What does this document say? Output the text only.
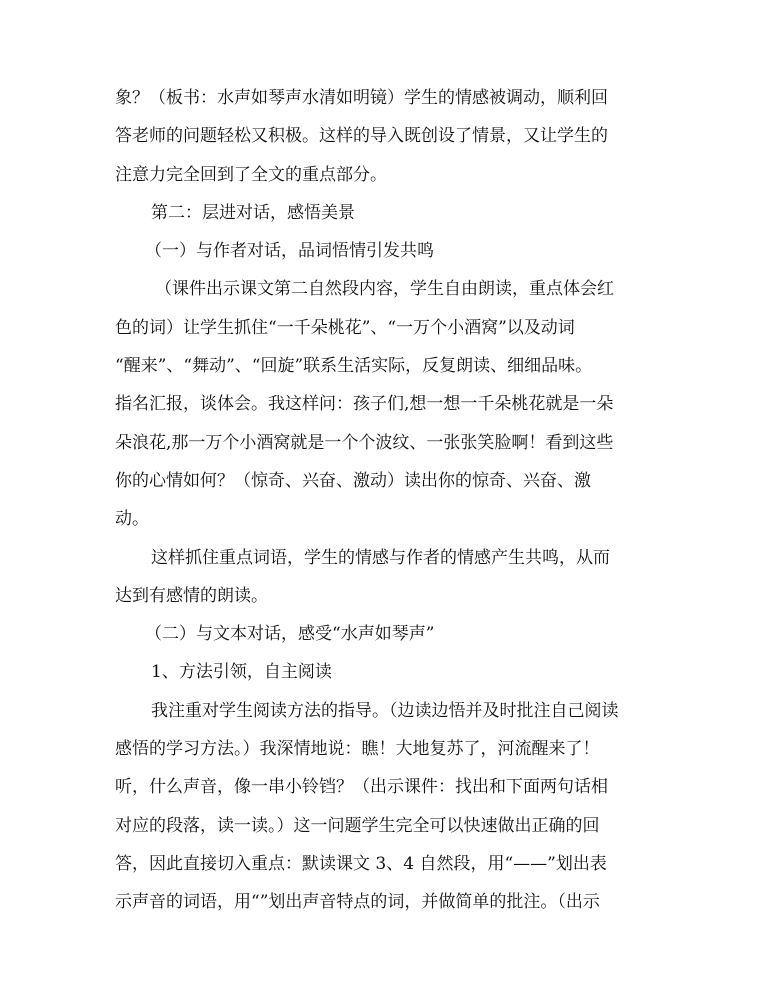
象？（板书：水声如琴声水清如明镜）学生的情感被调动，顺利回
答老师的问题轻松又积极。这样的导入既创设了情景，又让学生的
注意力完全回到了全文的重点部分。
第二：层进对话，感悟美景
（一）与作者对话，品词悟情引发共鸣
（课件出示课文第二自然段内容，学生自由朗读，重点体会红
色的词）让学生抓住“一千朵桃花”、“一万个小酒窝”以及动词
“醒来”、“舞动”、“回旋”联系生活实际，反复朗读、细细品味。
指名汇报，谈体会。我这样问：孩子们,想一想一千朵桃花就是一朵
朵浪花,那一万个小酒窝就是一个个波纹、一张张笑脸啊！看到这些
你的心情如何？（惊奇、兴奋、激动）读出你的惊奇、兴奋、激
动。
这样抓住重点词语，学生的情感与作者的情感产生共鸣，从而
达到有感情的朗读。
（二）与文本对话，感受“水声如琴声”
1、方法引领，自主阅读
我注重对学生阅读方法的指导。（边读边悟并及时批注自己阅读
感悟的学习方法。）我深情地说：瞧！大地复苏了，河流醒来了！
听，什么声音，像一串小铃铛？（出示课件：找出和下面两句话相
对应的段落，读一读。）这一问题学生完全可以快速做出正确的回
答，因此直接切入重点：默读课文 3、4 自然段，用“——”划出表
示声音的词语，用“”划出声音特点的词，并做简单的批注。（出示
